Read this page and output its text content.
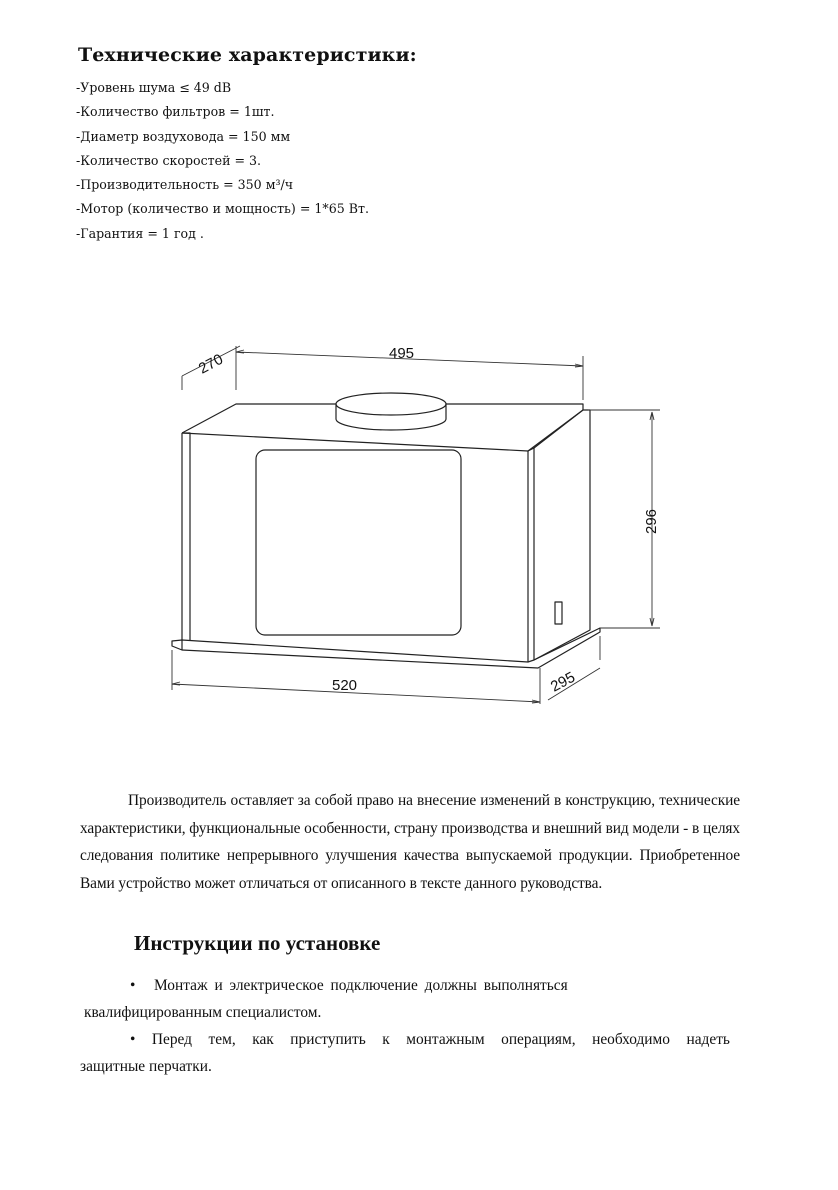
Технические характеристики:
-Уровень шума ≤ 49 dB
-Количество фильтров = 1шт.
-Диаметр воздуховода = 150 мм
-Количество скоростей = 3.
-Производительность = 350 м³/ч
-Мотор (количество и мощность) = 1*65 Вт.
-Гарантия = 1 год .
270	495
296
520	295

Производитель оставляет за собой право на внесение изменений в конструкцию, технические характеристики, функциональные особенности, страну производства и внешний вид модели - в целях следования политике непрерывного улучшения качества выпускаемой продукции. Приобретенное Вами устройство может отличаться от описанного в тексте данного руководства.

Инструкции по установке

• Монтаж и электрическое подключение должны выполняться

квалифицированным специалистом.

• Перед тем, как приступить к монтажным операциям, необходимо надеть

защитные перчатки.
